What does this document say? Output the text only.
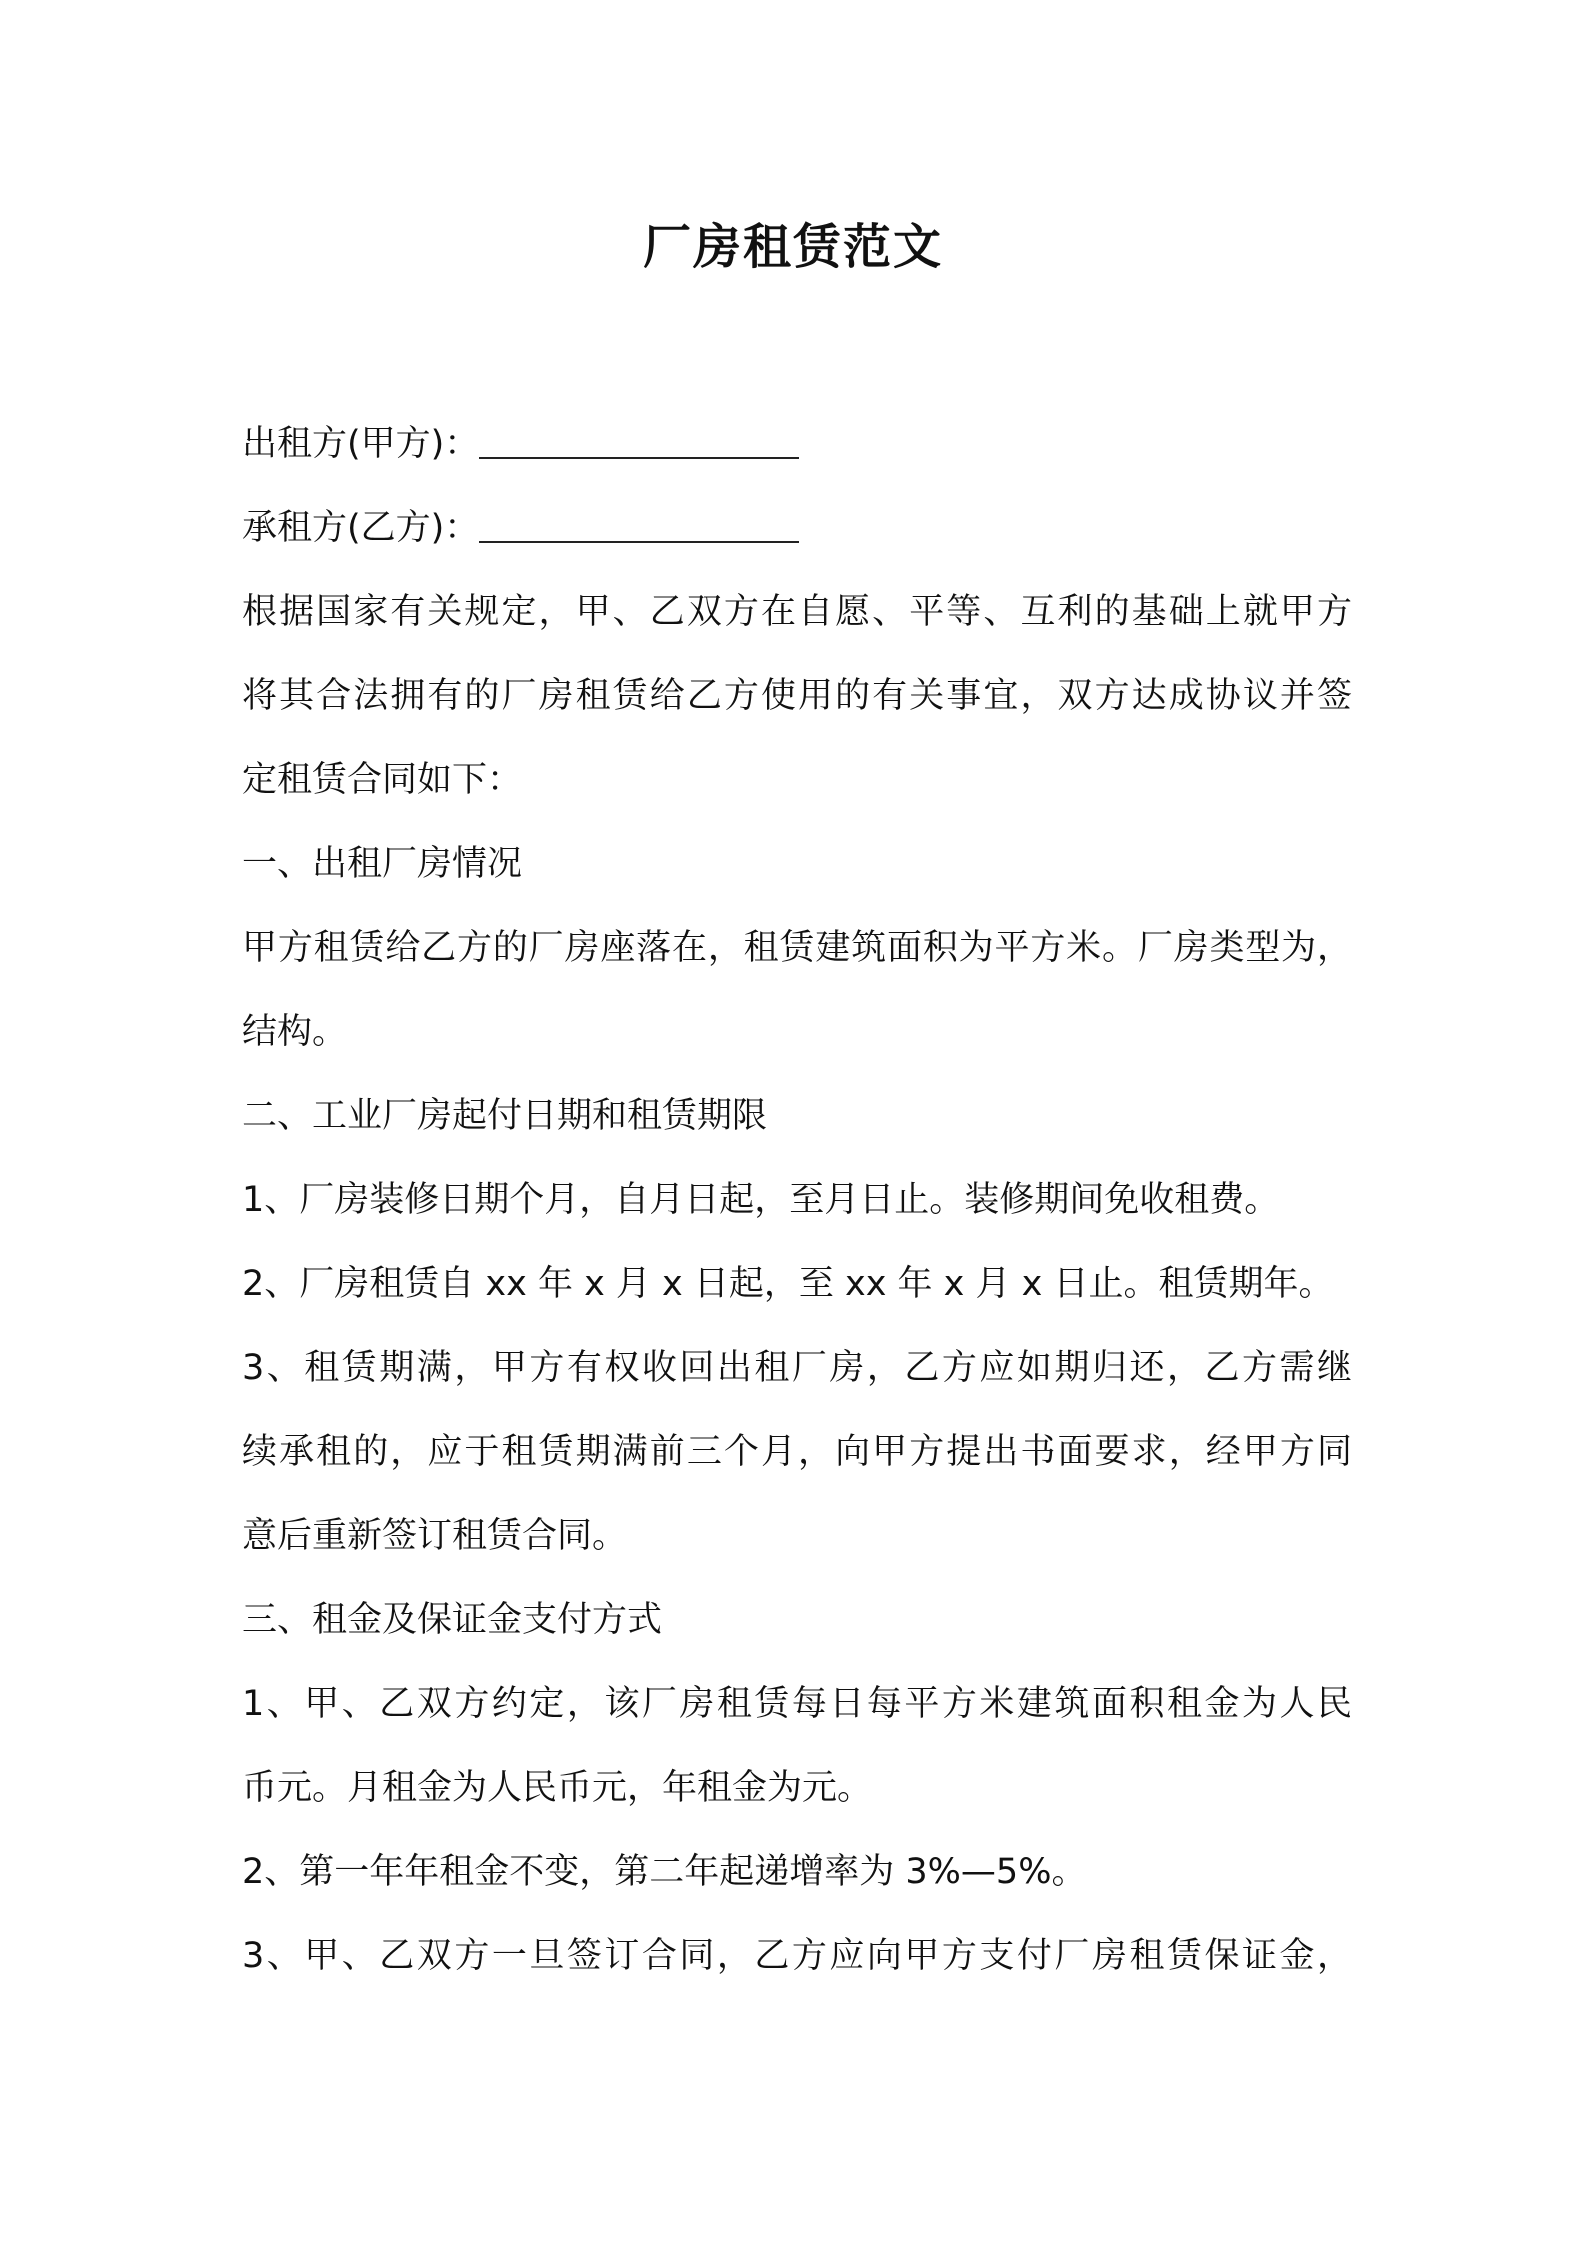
厂房租赁范文
出租方(甲方)：
承租方(乙方)：
根据国家有关规定，甲、乙双方在自愿、平等、互利的基础上就甲方
将其合法拥有的厂房租赁给乙方使用的有关事宜，双方达成协议并签
定租赁合同如下：
一、出租厂房情况
甲方租赁给乙方的厂房座落在，租赁建筑面积为平方米。厂房类型为，
结构。
二、工业厂房起付日期和租赁期限
1、厂房装修日期个月，自月日起，至月日止。装修期间免收租费。
2、厂房租赁自 xx 年 x 月 x 日起，至 xx 年 x 月 x 日止。租赁期年。
3、租赁期满，甲方有权收回出租厂房，乙方应如期归还，乙方需继
续承租的，应于租赁期满前三个月，向甲方提出书面要求，经甲方同
意后重新签订租赁合同。
三、租金及保证金支付方式
1、甲、乙双方约定，该厂房租赁每日每平方米建筑面积租金为人民
币元。月租金为人民币元，年租金为元。
2、第一年年租金不变，第二年起递增率为 3%—5%。
3、甲、乙双方一旦签订合同，乙方应向甲方支付厂房租赁保证金，
